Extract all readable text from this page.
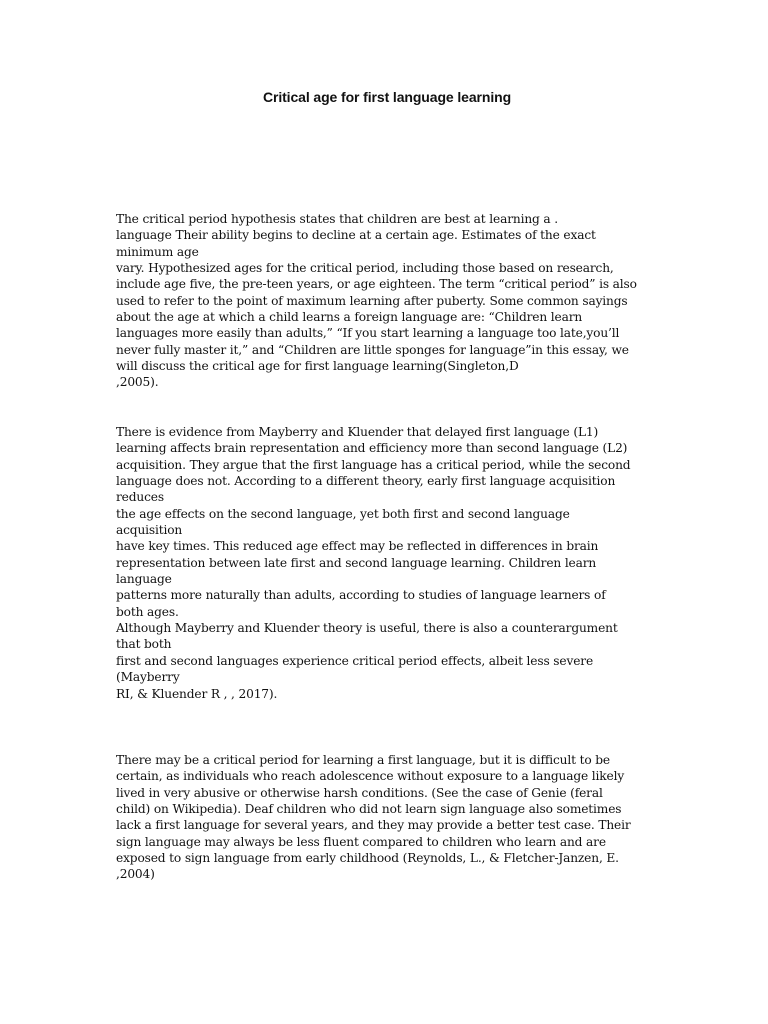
Critical age for first language learning
The critical period hypothesis states that children are best at learning a .
language Their ability begins to decline at a certain age. Estimates of the exact
minimum age
vary. Hypothesized ages for the critical period, including those based on research,
include age five, the pre-teen years, or age eighteen. The term “critical period” is also
used to refer to the point of maximum learning after puberty. Some common sayings
about the age at which a child learns a foreign language are: “Children learn
languages more easily than adults,” “If you start learning a language too late,you’ll
never fully master it,” and “Children are little sponges for language”in this essay, we
will discuss the critical age for first language learning(Singleton,D
,2005).
There is evidence from Mayberry and Kluender that delayed first language (L1)
learning affects brain representation and efficiency more than second language (L2)
acquisition. They argue that the first language has a critical period, while the second
language does not. According to a different theory, early first language acquisition
reduces
the age effects on the second language, yet both first and second language
acquisition
have key times. This reduced age effect may be reflected in differences in brain
representation between late first and second language learning. Children learn
language
patterns more naturally than adults, according to studies of language learners of
both ages.
Although Mayberry and Kluender theory is useful, there is also a counterargument
that both
first and second languages experience critical period effects, albeit less severe
(Mayberry
RI, & Kluender R , , 2017).
There may be a critical period for learning a first language, but it is difficult to be
certain, as individuals who reach adolescence without exposure to a language likely
lived in very abusive or otherwise harsh conditions. (See the case of Genie (feral
child) on Wikipedia). Deaf children who did not learn sign language also sometimes
lack a first language for several years, and they may provide a better test case. Their
sign language may always be less fluent compared to children who learn and are
exposed to sign language from early childhood (Reynolds, L., & Fletcher-Janzen, E.
,2004)
